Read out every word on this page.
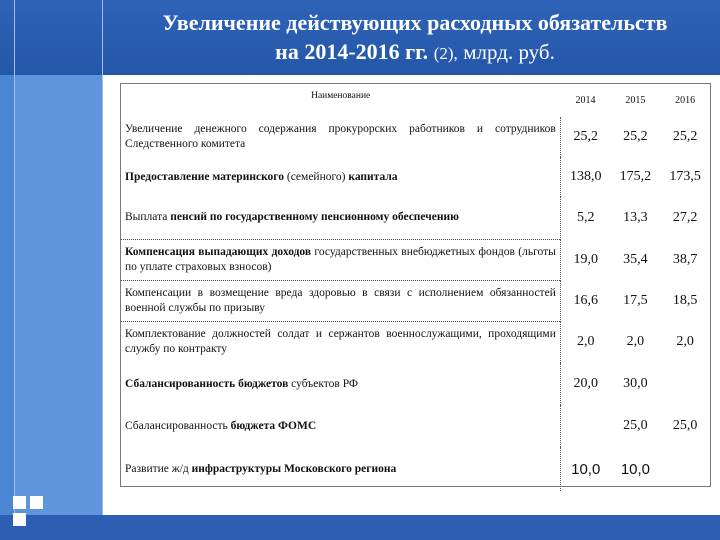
Увеличение действующих расходных обязательств
на 2014-2016 гг. (2), млрд. руб.
Наименование	2014	2015	2016
Увеличение денежного содержания прокурорских работников и сотрудников Следственного комитета	25,2	25,2	25,2
Предоставление материнского (семейного) капитала	138,0	175,2	173,5
Выплата пенсий по государственному пенсионному обеспечению	5,2	13,3	27,2
Компенсация выпадающих доходов государственных внебюджетных фондов (льготы по уплате страховых взносов)	19,0	35,4	38,7
Компенсации в возмещение вреда здоровью в связи с исполнением обязанностей военной службы по призыву	16,6	17,5	18,5
Комплектование должностей солдат и сержантов военнослужащими, проходящими службу по контракту	2,0	2,0	2,0
Сбалансированность бюджетов субъектов РФ	20,0	30,0	
Сбалансированность бюджета ФОМС		25,0	25,0
Развитие ж/д инфраструктуры Московского региона	10,0	10,0	
